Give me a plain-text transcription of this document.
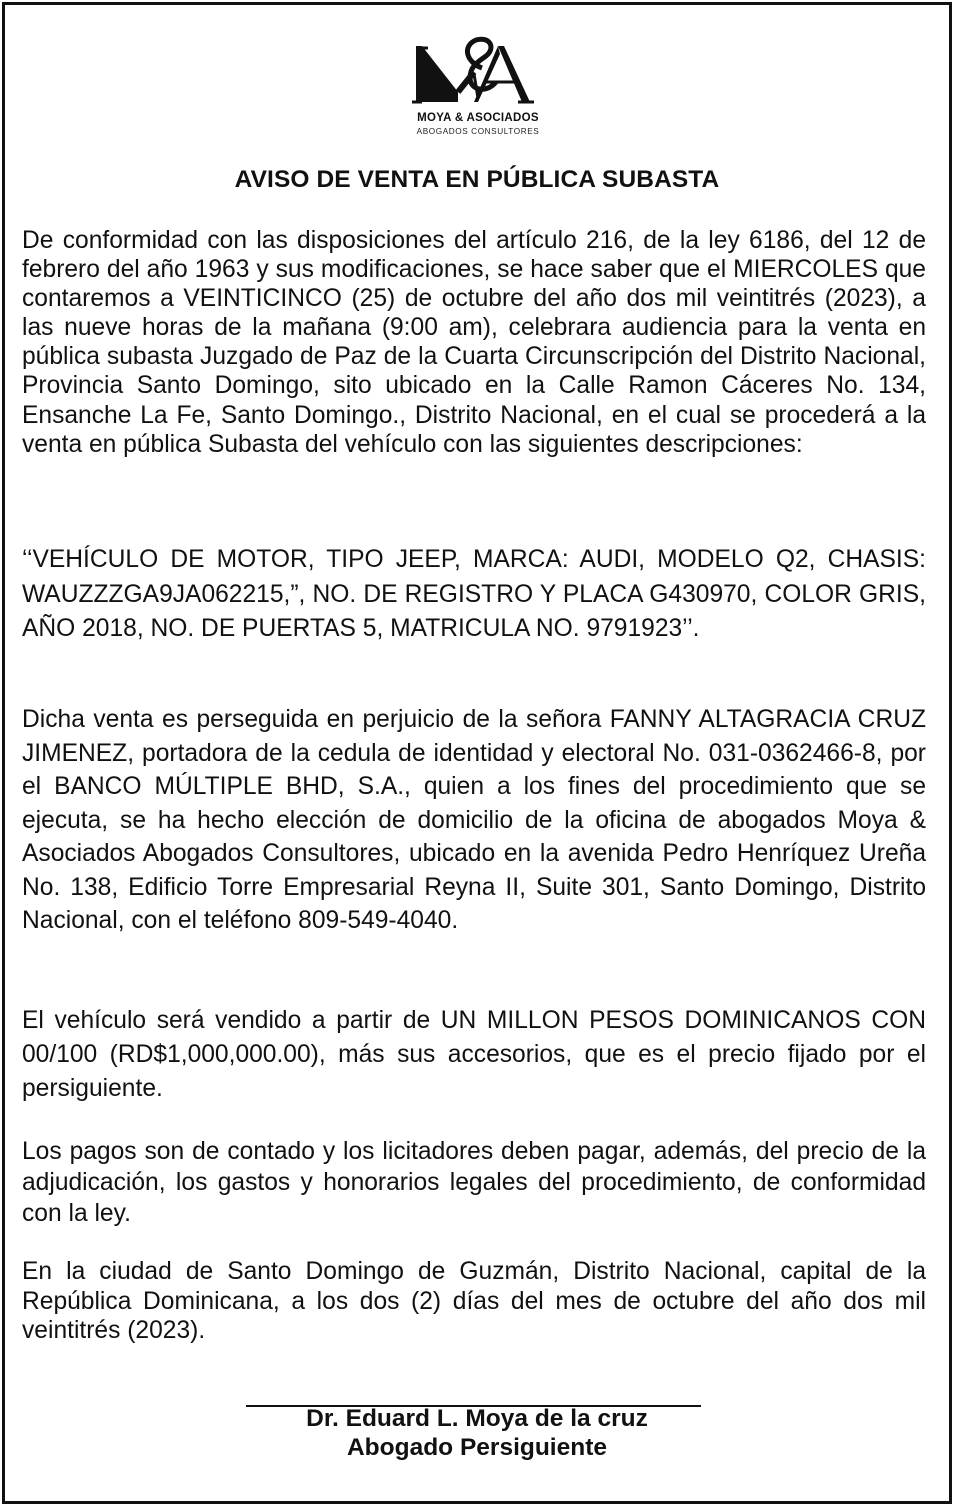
MOYA & ASOCIADOS
ABOGADOS CONSULTORES
AVISO DE VENTA EN PÚBLICA SUBASTA

De conformidad con las disposiciones del artículo 216, de la ley 6186, del 12 de febrero del año 1963 y sus modificaciones, se hace saber que el MIERCOLES que contaremos a VEINTICINCO (25) de octubre del año dos mil veintitrés (2023), a las nueve horas de la mañana (9:00 am), celebrara audiencia para la venta en pública subasta Juzgado de Paz de la Cuarta Circunscripción del Distrito Nacional, Provincia Santo Domingo, sito ubicado en la Calle Ramon Cáceres No. 134, Ensanche La Fe, Santo Domingo., Distrito Nacional, en el cual se procederá a la venta en pública Subasta del vehículo con las siguientes descripciones:

‘‘VEHÍCULO DE MOTOR, TIPO JEEP, MARCA: AUDI, MODELO Q2, CHASIS: WAUZZZGA9JA062215,”, NO. DE REGISTRO Y PLACA G430970, COLOR GRIS, AÑO 2018, NO. DE PUERTAS 5, MATRICULA NO. 9791923’’.

Dicha venta es perseguida en perjuicio de la señora FANNY ALTAGRACIA CRUZ JIMENEZ, portadora de la cedula de identidad y electoral No. 031-0362466-8, por el BANCO MÚLTIPLE BHD, S.A., quien a los fines del procedimiento que se ejecuta, se ha hecho elección de domicilio de la oficina de abogados Moya & Asociados Abogados Consultores, ubicado en la avenida Pedro Henríquez Ureña No. 138, Edificio Torre Empresarial Reyna II, Suite 301, Santo Domingo, Distrito Nacional, con el teléfono 809-549-4040.

El vehículo será vendido a partir de UN MILLON PESOS DOMINICANOS CON 00/100 (RD$1,000,000.00), más sus accesorios, que es el precio fijado por el persiguiente.

Los pagos son de contado y los licitadores deben pagar, además, del precio de la adjudicación, los gastos y honorarios legales del procedimiento, de conformidad con la ley.

En la ciudad de Santo Domingo de Guzmán, Distrito Nacional, capital de la República Dominicana, a los dos (2) días del mes de octubre del año dos mil veintitrés (2023).

Dr. Eduard L. Moya de la cruz
Abogado Persiguiente
